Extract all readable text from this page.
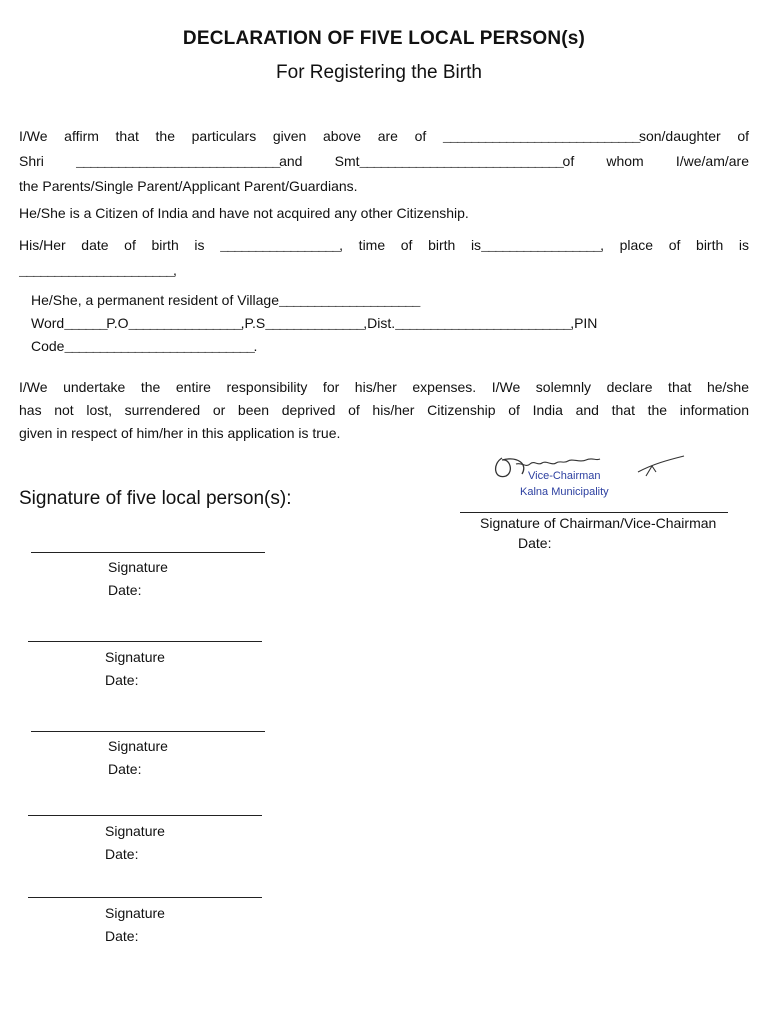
DECLARATION OF FIVE LOCAL PERSON(s)
For Registering the Birth
I/We affirm that the particulars given above are of ____________________________son/daughter of
Shri _____________________________and Smt_____________________________of whom I/we/am/are
the Parents/Single Parent/Applicant Parent/Guardians.
He/She is a Citizen of India and have not acquired any other Citizenship.
His/Her date of birth is _________________, time of birth is_________________, place of birth is
______________________,
He/She, a permanent resident of Village____________________
Word______P.O________________,P.S______________,Dist._________________________,PIN
Code___________________________.
I/We undertake the entire responsibility for his/her expenses. I/We solemnly declare that he/she
has not lost, surrendered or been deprived of his/her Citizenship of India and that the information
given in respect of him/her in this application is true.
Vice-Chairman
Kalna Municipality
Signature of Chairman/Vice-Chairman
Date:
Signature of five local person(s):
Signature
Date:
Signature
Date:
Signature
Date:
Signature
Date:
Signature
Date:
